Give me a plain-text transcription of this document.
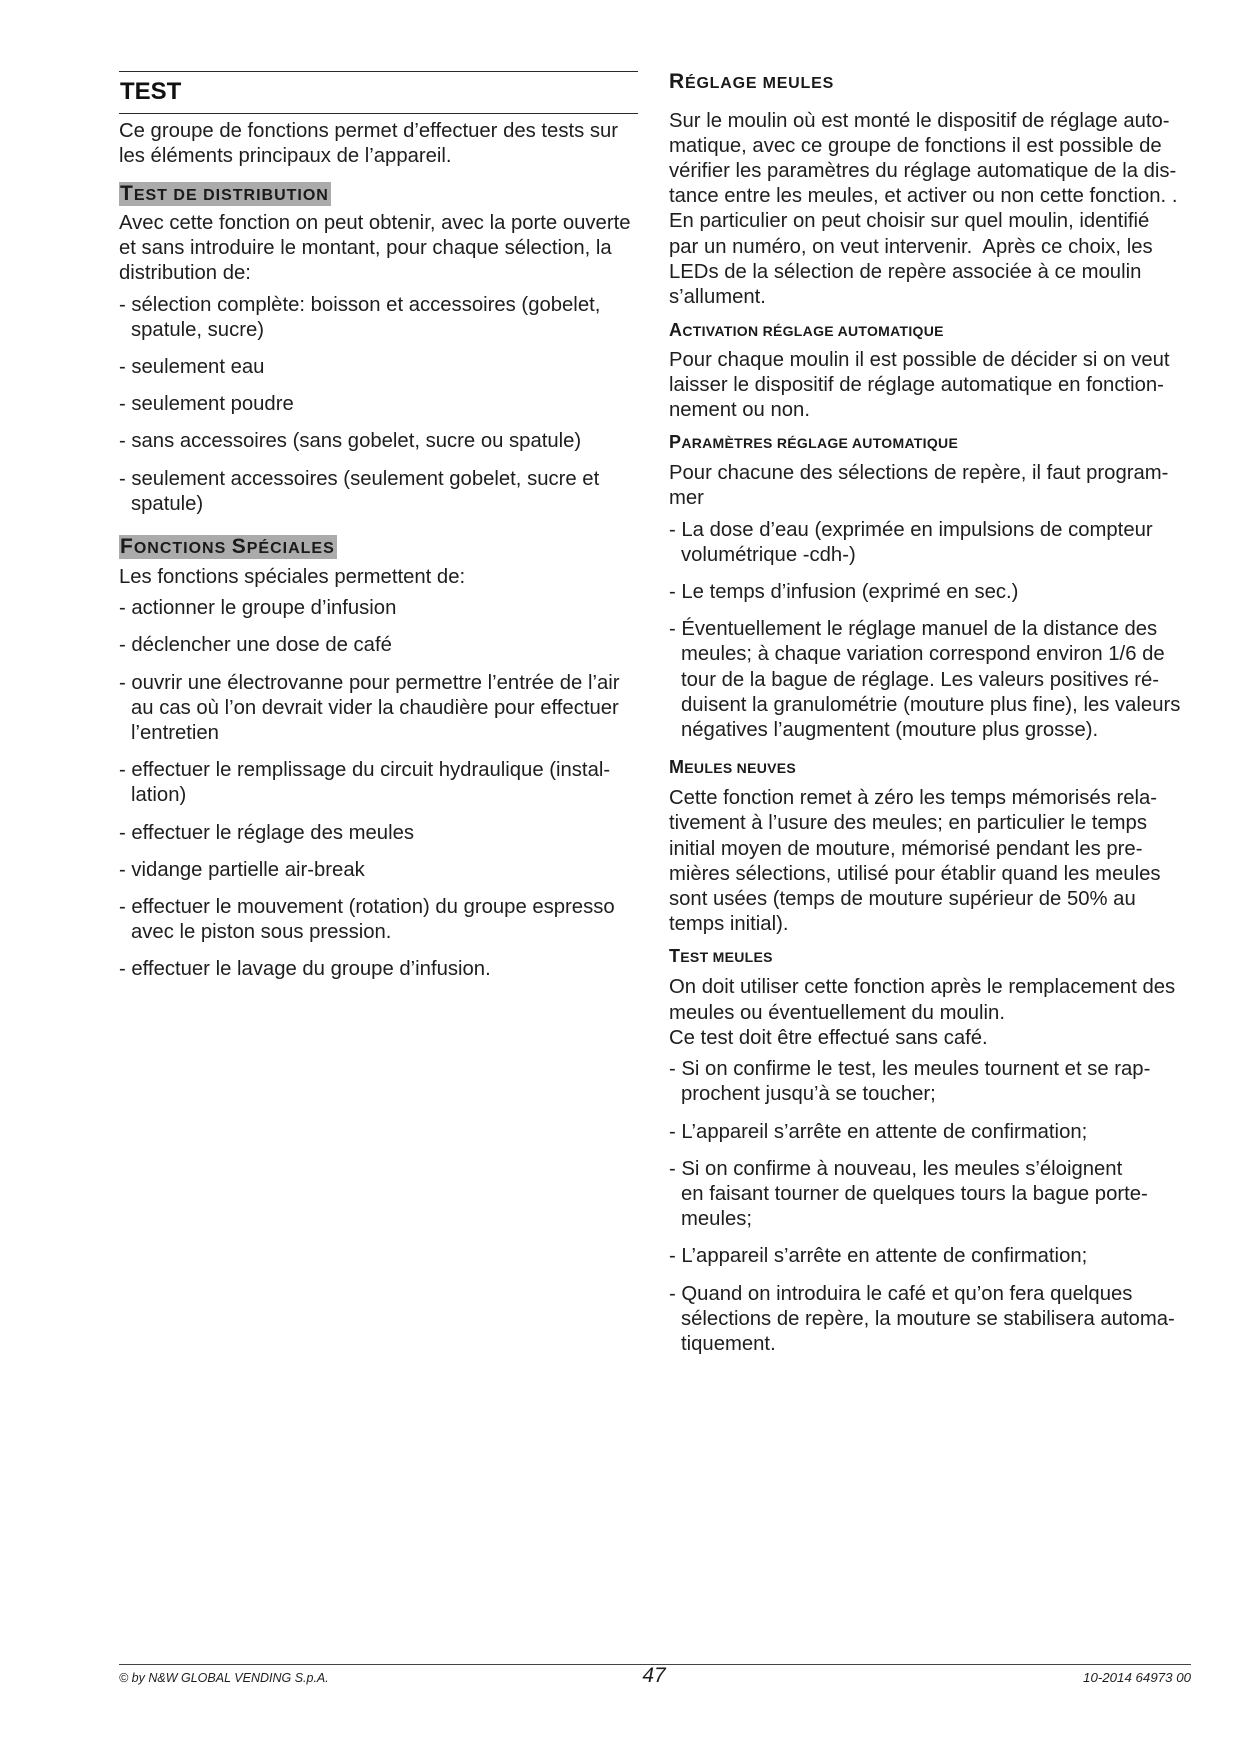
TEST

Ce groupe de fonctions permet d’effectuer des tests sur
les éléments principaux de l’appareil.

TEST DE DISTRIBUTION

Avec cette fonction on peut obtenir, avec la porte ouverte
et sans introduire le montant, pour chaque sélection, la
distribution de:

- sélection complète: boisson et accessoires (gobelet,
spatule, sucre)
- seulement eau
- seulement poudre
- sans accessoires (sans gobelet, sucre ou spatule)
- seulement accessoires (seulement gobelet, sucre et
spatule)
FONCTIONS SPÉCIALES

Les fonctions spéciales permettent de:

- actionner le groupe d’infusion
- déclencher une dose de café
- ouvrir une électrovanne pour permettre l’entrée de l’air
au cas où l’on devrait vider la chaudière pour effectuer
l’entretien
- effectuer le remplissage du circuit hydraulique (instal-
lation)
- effectuer le réglage des meules
- vidange partielle air-break
- effectuer le mouvement (rotation) du groupe espresso
avec le piston sous pression.
- effectuer le lavage du groupe d’infusion.
RÉGLAGE MEULES

Sur le moulin où est monté le dispositif de réglage auto-
matique, avec ce groupe de fonctions il est possible de
vérifier les paramètres du réglage automatique de la dis-
tance entre les meules, et activer ou non cette fonction. .
En particulier on peut choisir sur quel moulin, identifié
par un numéro, on veut intervenir.  Après ce choix, les
LEDs de la sélection de repère associée à ce moulin
s’allument.

ACTIVATION RÉGLAGE AUTOMATIQUE

Pour chaque moulin il est possible de décider si on veut
laisser le dispositif de réglage automatique en fonction-
nement ou non.

PARAMÈTRES RÉGLAGE AUTOMATIQUE

Pour chacune des sélections de repère, il faut program-
mer

- La dose d’eau (exprimée en impulsions de compteur
volumétrique -cdh-)
- Le temps d’infusion (exprimé en sec.)
- Éventuellement le réglage manuel de la distance des
meules; à chaque variation correspond environ 1/6 de
tour de la bague de réglage. Les valeurs positives ré-
duisent la granulométrie (mouture plus fine), les valeurs
négatives l’augmentent (mouture plus grosse).
MEULES NEUVES

Cette fonction remet à zéro les temps mémorisés rela-
tivement à l’usure des meules; en particulier le temps
initial moyen de mouture, mémorisé pendant les pre-
mières sélections, utilisé pour établir quand les meules
sont usées (temps de mouture supérieur de 50% au
temps initial).

TEST MEULES

On doit utiliser cette fonction après le remplacement des
meules ou éventuellement du moulin.
Ce test doit être effectué sans café.

- Si on confirme le test, les meules tournent et se rap-
prochent jusqu’à se toucher;
- L’appareil s’arrête en attente de confirmation;
- Si on confirme à nouveau, les meules s’éloignent
en faisant tourner de quelques tours la bague porte-
meules;
- L’appareil s’arrête en attente de confirmation;
- Quand on introduira le café et qu’on fera quelques
sélections de repère, la mouture se stabilisera automa-
tiquement.
© by N&W GLOBAL VENDING S.p.A.	47	10-2014 64973 00
